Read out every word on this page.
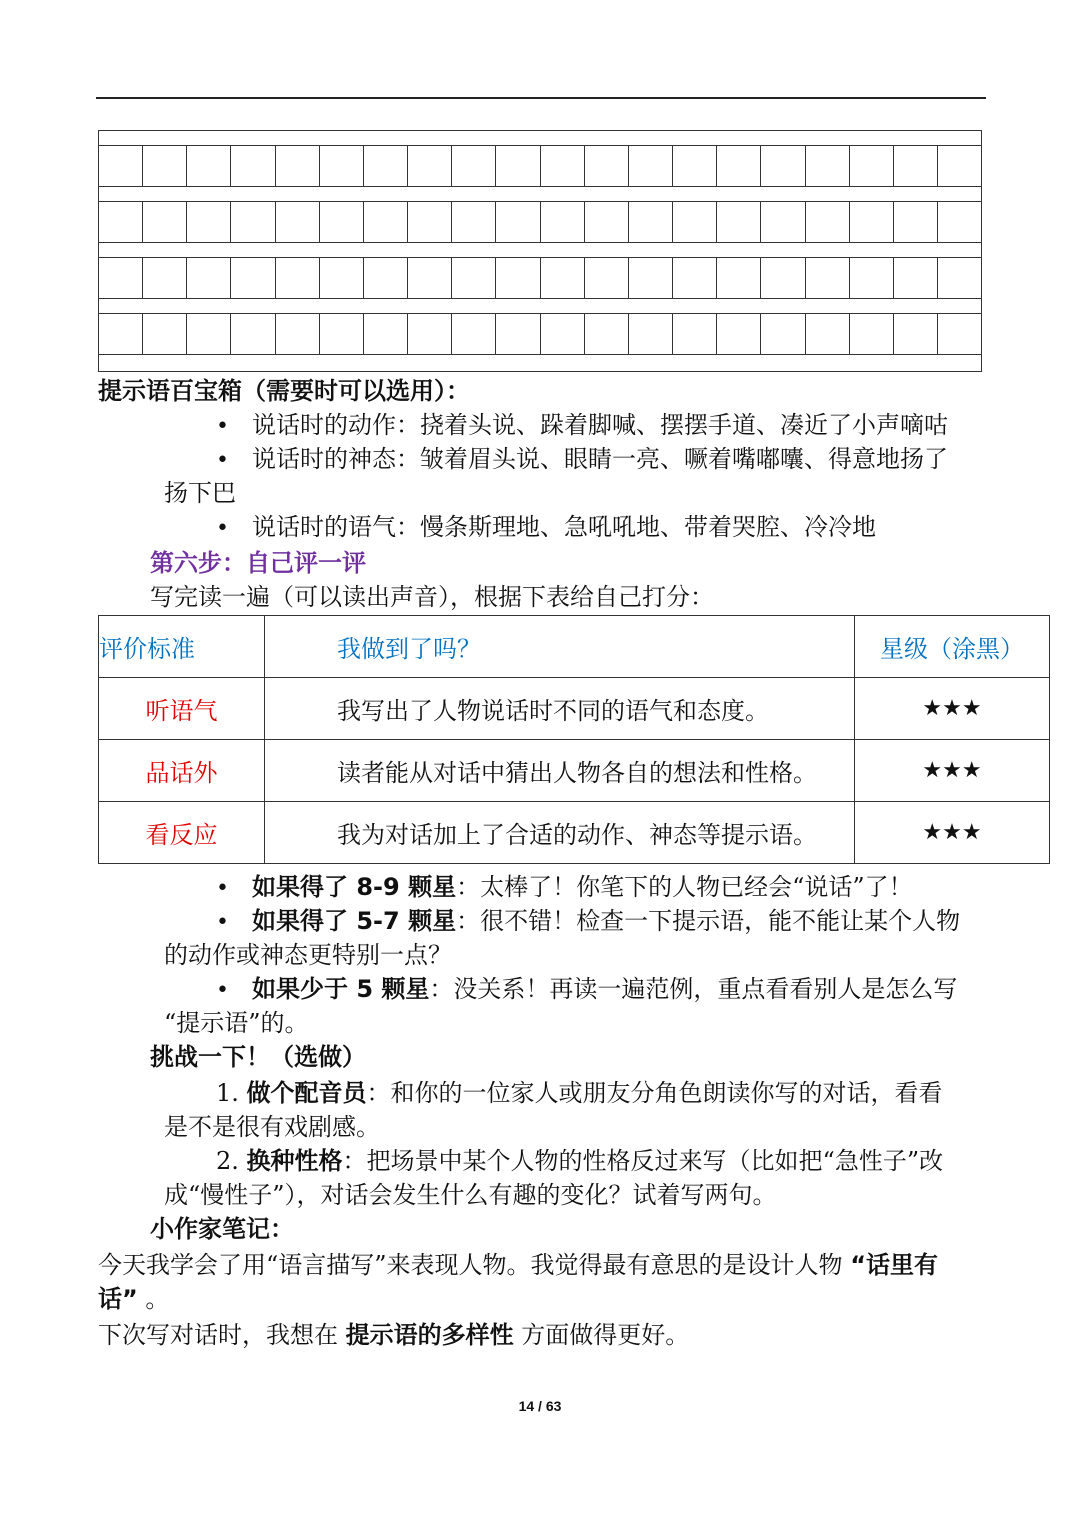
提示语百宝箱（需要时可以选用）：
• 说话时的动作：挠着头说、跺着脚喊、摆摆手道、凑近了小声嘀咕
• 说话时的神态：皱着眉头说、眼睛一亮、噘着嘴嘟囔、得意地扬了
扬下巴
• 说话时的语气：慢条斯理地、急吼吼地、带着哭腔、冷冷地
第六步：自己评一评
写完读一遍（可以读出声音），根据下表给自己打分：
评价标准	我做到了吗？	星级（涂黑）
听语气	我写出了人物说话时不同的语气和态度。	★★★
品话外	读者能从对话中猜出人物各自的想法和性格。	★★★
看反应	我为对话加上了合适的动作、神态等提示语。	★★★
• 如果得了 8-9 颗星：太棒了！你笔下的人物已经会“说话”了！
• 如果得了 5-7 颗星：很不错！检查一下提示语，能不能让某个人物
的动作或神态更特别一点？
• 如果少于 5 颗星：没关系！再读一遍范例，重点看看别人是怎么写
“提示语”的。
挑战一下！（选做）
1. 做个配音员：和你的一位家人或朋友分角色朗读你写的对话，看看
是不是很有戏剧感。
2. 换种性格：把场景中某个人物的性格反过来写（比如把“急性子”改
成“慢性子”），对话会发生什么有趣的变化？试着写两句。
小作家笔记：
今天我学会了用“语言描写”来表现人物。我觉得最有意思的是设计人物 “话里有
话” 。
下次写对话时，我想在 提示语的多样性 方面做得更好。
14 / 63
